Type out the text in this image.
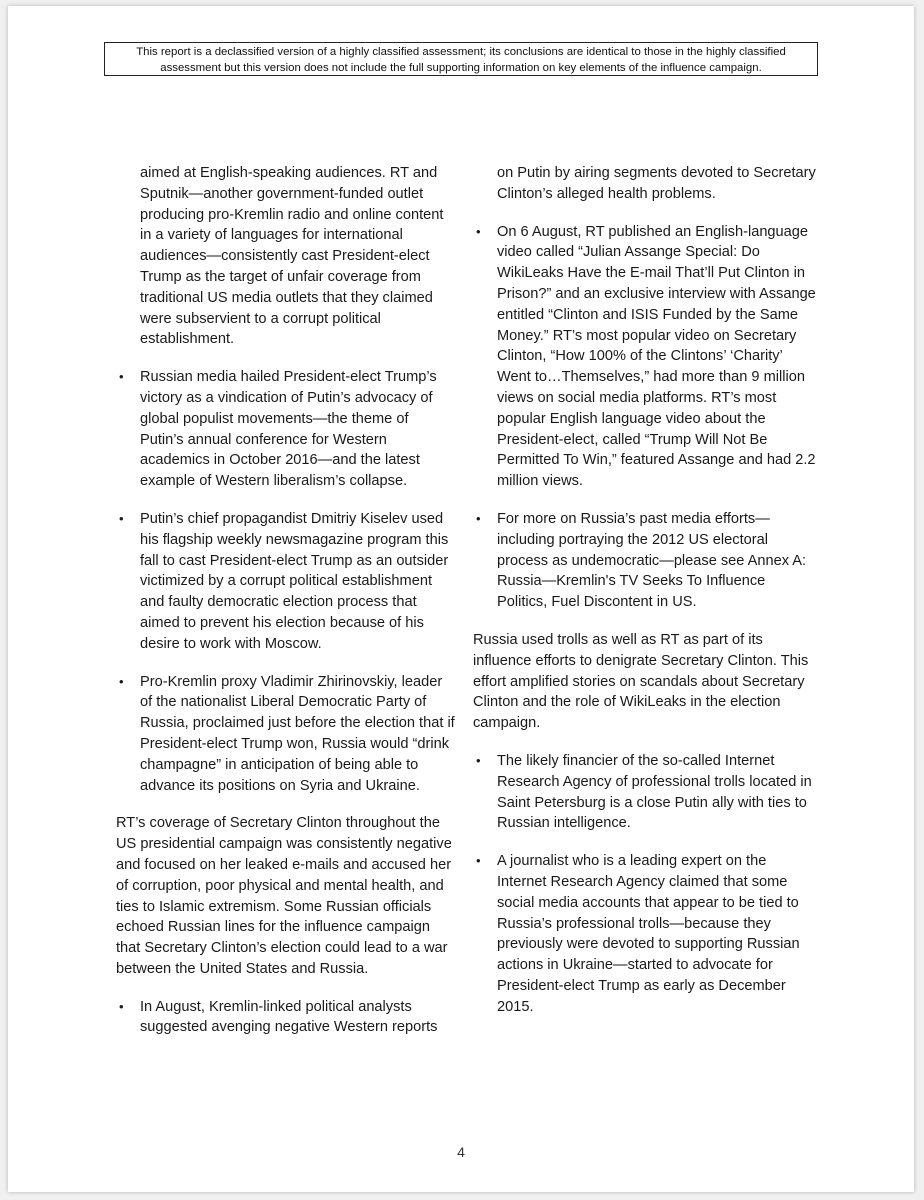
This report is a declassified version of a highly classified assessment; its conclusions are identical to those in the highly classified
assessment but this version does not include the full supporting information on key elements of the influence campaign.

aimed at English-speaking audiences. RT and Sputnik—another government-funded outlet producing pro-Kremlin radio and online content in a variety of languages for international audiences—consistently cast President-elect Trump as the target of unfair coverage from traditional US media outlets that they claimed were subservient to a corrupt political establishment.

• Russian media hailed President-elect Trump’s victory as a vindication of Putin’s advocacy of global populist movements—the theme of Putin’s annual conference for Western academics in October 2016—and the latest example of Western liberalism’s collapse.
• Putin’s chief propagandist Dmitriy Kiselev used his flagship weekly newsmagazine program this fall to cast President-elect Trump as an outsider victimized by a corrupt political establishment and faulty democratic election process that aimed to prevent his election because of his desire to work with Moscow.
• Pro-Kremlin proxy Vladimir Zhirinovskiy, leader of the nationalist Liberal Democratic Party of Russia, proclaimed just before the election that if President-elect Trump won, Russia would “drink champagne” in anticipation of being able to advance its positions on Syria and Ukraine.

RT’s coverage of Secretary Clinton throughout the US presidential campaign was consistently negative and focused on her leaked e-mails and accused her of corruption, poor physical and mental health, and ties to Islamic extremism. Some Russian officials echoed Russian lines for the influence campaign that Secretary Clinton’s election could lead to a war between the United States and Russia.

• In August, Kremlin-linked political analysts suggested avenging negative Western reports

on Putin by airing segments devoted to Secretary Clinton’s alleged health problems.

• On 6 August, RT published an English-language video called “Julian Assange Special: Do WikiLeaks Have the E-mail That’ll Put Clinton in Prison?” and an exclusive interview with Assange entitled “Clinton and ISIS Funded by the Same Money.” RT’s most popular video on Secretary Clinton, “How 100% of the Clintons’ ‘Charity’ Went to…Themselves,” had more than 9 million views on social media platforms. RT’s most popular English language video about the President-elect, called “Trump Will Not Be Permitted To Win,” featured Assange and had 2.2 million views.
• For more on Russia’s past media efforts—including portraying the 2012 US electoral process as undemocratic—please see Annex A: Russia—Kremlin's TV Seeks To Influence Politics, Fuel Discontent in US.

Russia used trolls as well as RT as part of its influence efforts to denigrate Secretary Clinton. This effort amplified stories on scandals about Secretary Clinton and the role of WikiLeaks in the election campaign.

• The likely financier of the so-called Internet Research Agency of professional trolls located in Saint Petersburg is a close Putin ally with ties to Russian intelligence.
• A journalist who is a leading expert on the Internet Research Agency claimed that some social media accounts that appear to be tied to Russia’s professional trolls—because they previously were devoted to supporting Russian actions in Ukraine—started to advocate for President-elect Trump as early as December 2015.
4
